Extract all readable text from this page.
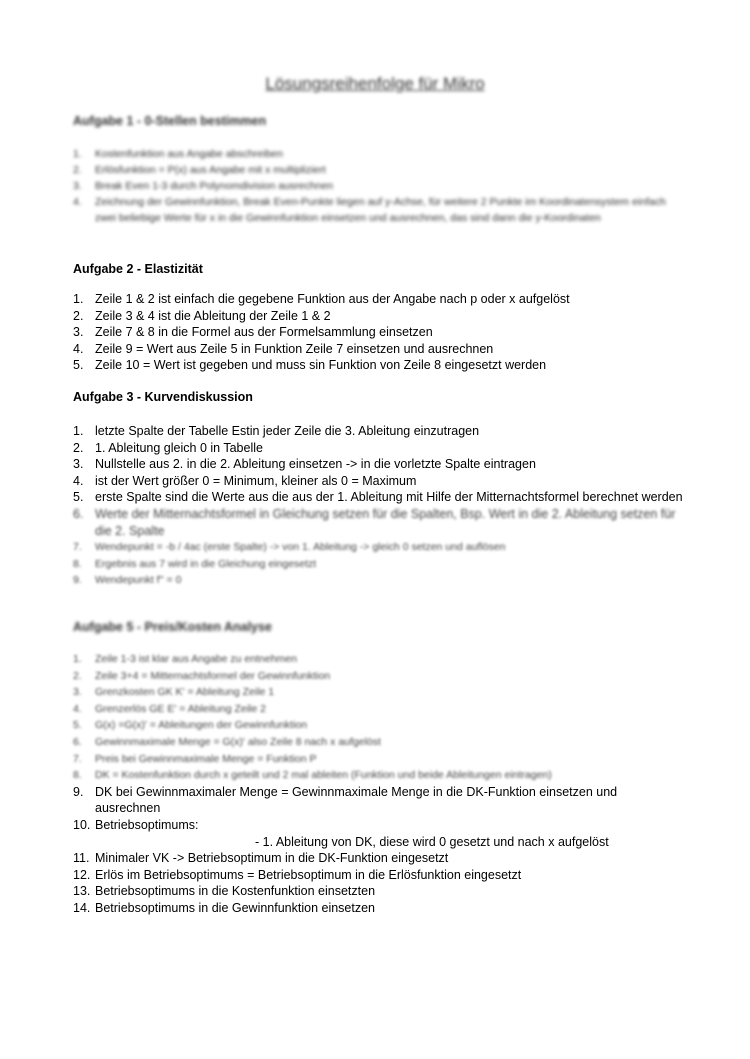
Lösungsreihenfolge für Mikro
Aufgabe 1 - 0-Stellen bestimmen
1. Kostenfunktion aus Angabe abschreiben
2. Erlösfunktion = P(x) aus Angabe mit x multipliziert
3. Break Even 1-3 durch Polynomdivision ausrechnen
4. Zeichnung der Gewinnfunktion, Break Even-Punkte liegen auf y-Achse, für weitere 2 Punkte im Koordinatensystem einfach zwei beliebige Werte für x in die Gewinnfunktion einsetzen und ausrechnen, das sind dann die y-Koordinaten
Aufgabe 2 - Elastizität
1. Zeile 1 & 2 ist einfach die gegebene Funktion aus der Angabe nach p oder x aufgelöst
2. Zeile 3 & 4 ist die Ableitung der Zeile 1 & 2
3. Zeile 7 & 8 in die Formel aus der Formelsammlung einsetzen
4. Zeile 9 = Wert aus Zeile 5 in Funktion Zeile 7 einsetzen und ausrechnen
5. Zeile 10 = Wert ist gegeben und muss sin Funktion von Zeile 8 eingesetzt werden
Aufgabe 3 - Kurvendiskussion
1. letzte Spalte der Tabelle Estin jeder Zeile die 3. Ableitung einzutragen
2. 1. Ableitung gleich 0 in Tabelle
3. Nullstelle aus 2. in die 2. Ableitung einsetzen -> in die vorletzte Spalte eintragen
4. ist der Wert größer 0 = Minimum, kleiner als 0 = Maximum
5. erste Spalte sind die Werte aus die aus der 1. Ableitung mit Hilfe der Mitternachtsformel berechnet werden
6. Werte der Mitternachtsformel in Gleichung setzen für die Spalten, Bsp. Wert in die 2. Ableitung setzen für die 2. Spalte
7. Wendepunkt = -b / 4ac (erste Spalte) -> von 1. Ableitung -> gleich 0 setzen und auflösen
8. Ergebnis aus 7 wird in die Gleichung eingesetzt
9. Wendepunkt f'' = 0
Aufgabe 5 - Preis/Kosten Analyse
1. Zeile 1-3 ist klar aus Angabe zu entnehmen
2. Zeile 3+4 = Mitternachtsformel der Gewinnfunktion
3. Grenzkosten GK K' = Ableitung Zeile 1
4. Grenzerlös GE E' = Ableitung Zeile 2
5. G(x) =G(x)' = Ableitungen der Gewinnfunktion
6. Gewinnmaximale Menge = G(x)' also Zeile 8 nach x aufgelöst
7. Preis bei Gewinnmaximale Menge = Funktion P
8. DK = Kostenfunktion durch x geteilt und 2 mal ableiten (Funktion und beide Ableitungen eintragen)
9. DK bei Gewinnmaximaler Menge = Gewinnmaximale Menge in die DK-Funktion einsetzen und ausrechnen
10. Betriebsoptimums:
- 1. Ableitung von DK, diese wird 0 gesetzt und nach x aufgelöst
11. Minimaler VK -> Betriebsoptimum in die DK-Funktion eingesetzt
12. Erlös im Betriebsoptimums = Betriebsoptimum in die Erlösfunktion eingesetzt
13. Betriebsoptimums in die Kostenfunktion einsetzten
14. Betriebsoptimums in die Gewinnfunktion einsetzen
